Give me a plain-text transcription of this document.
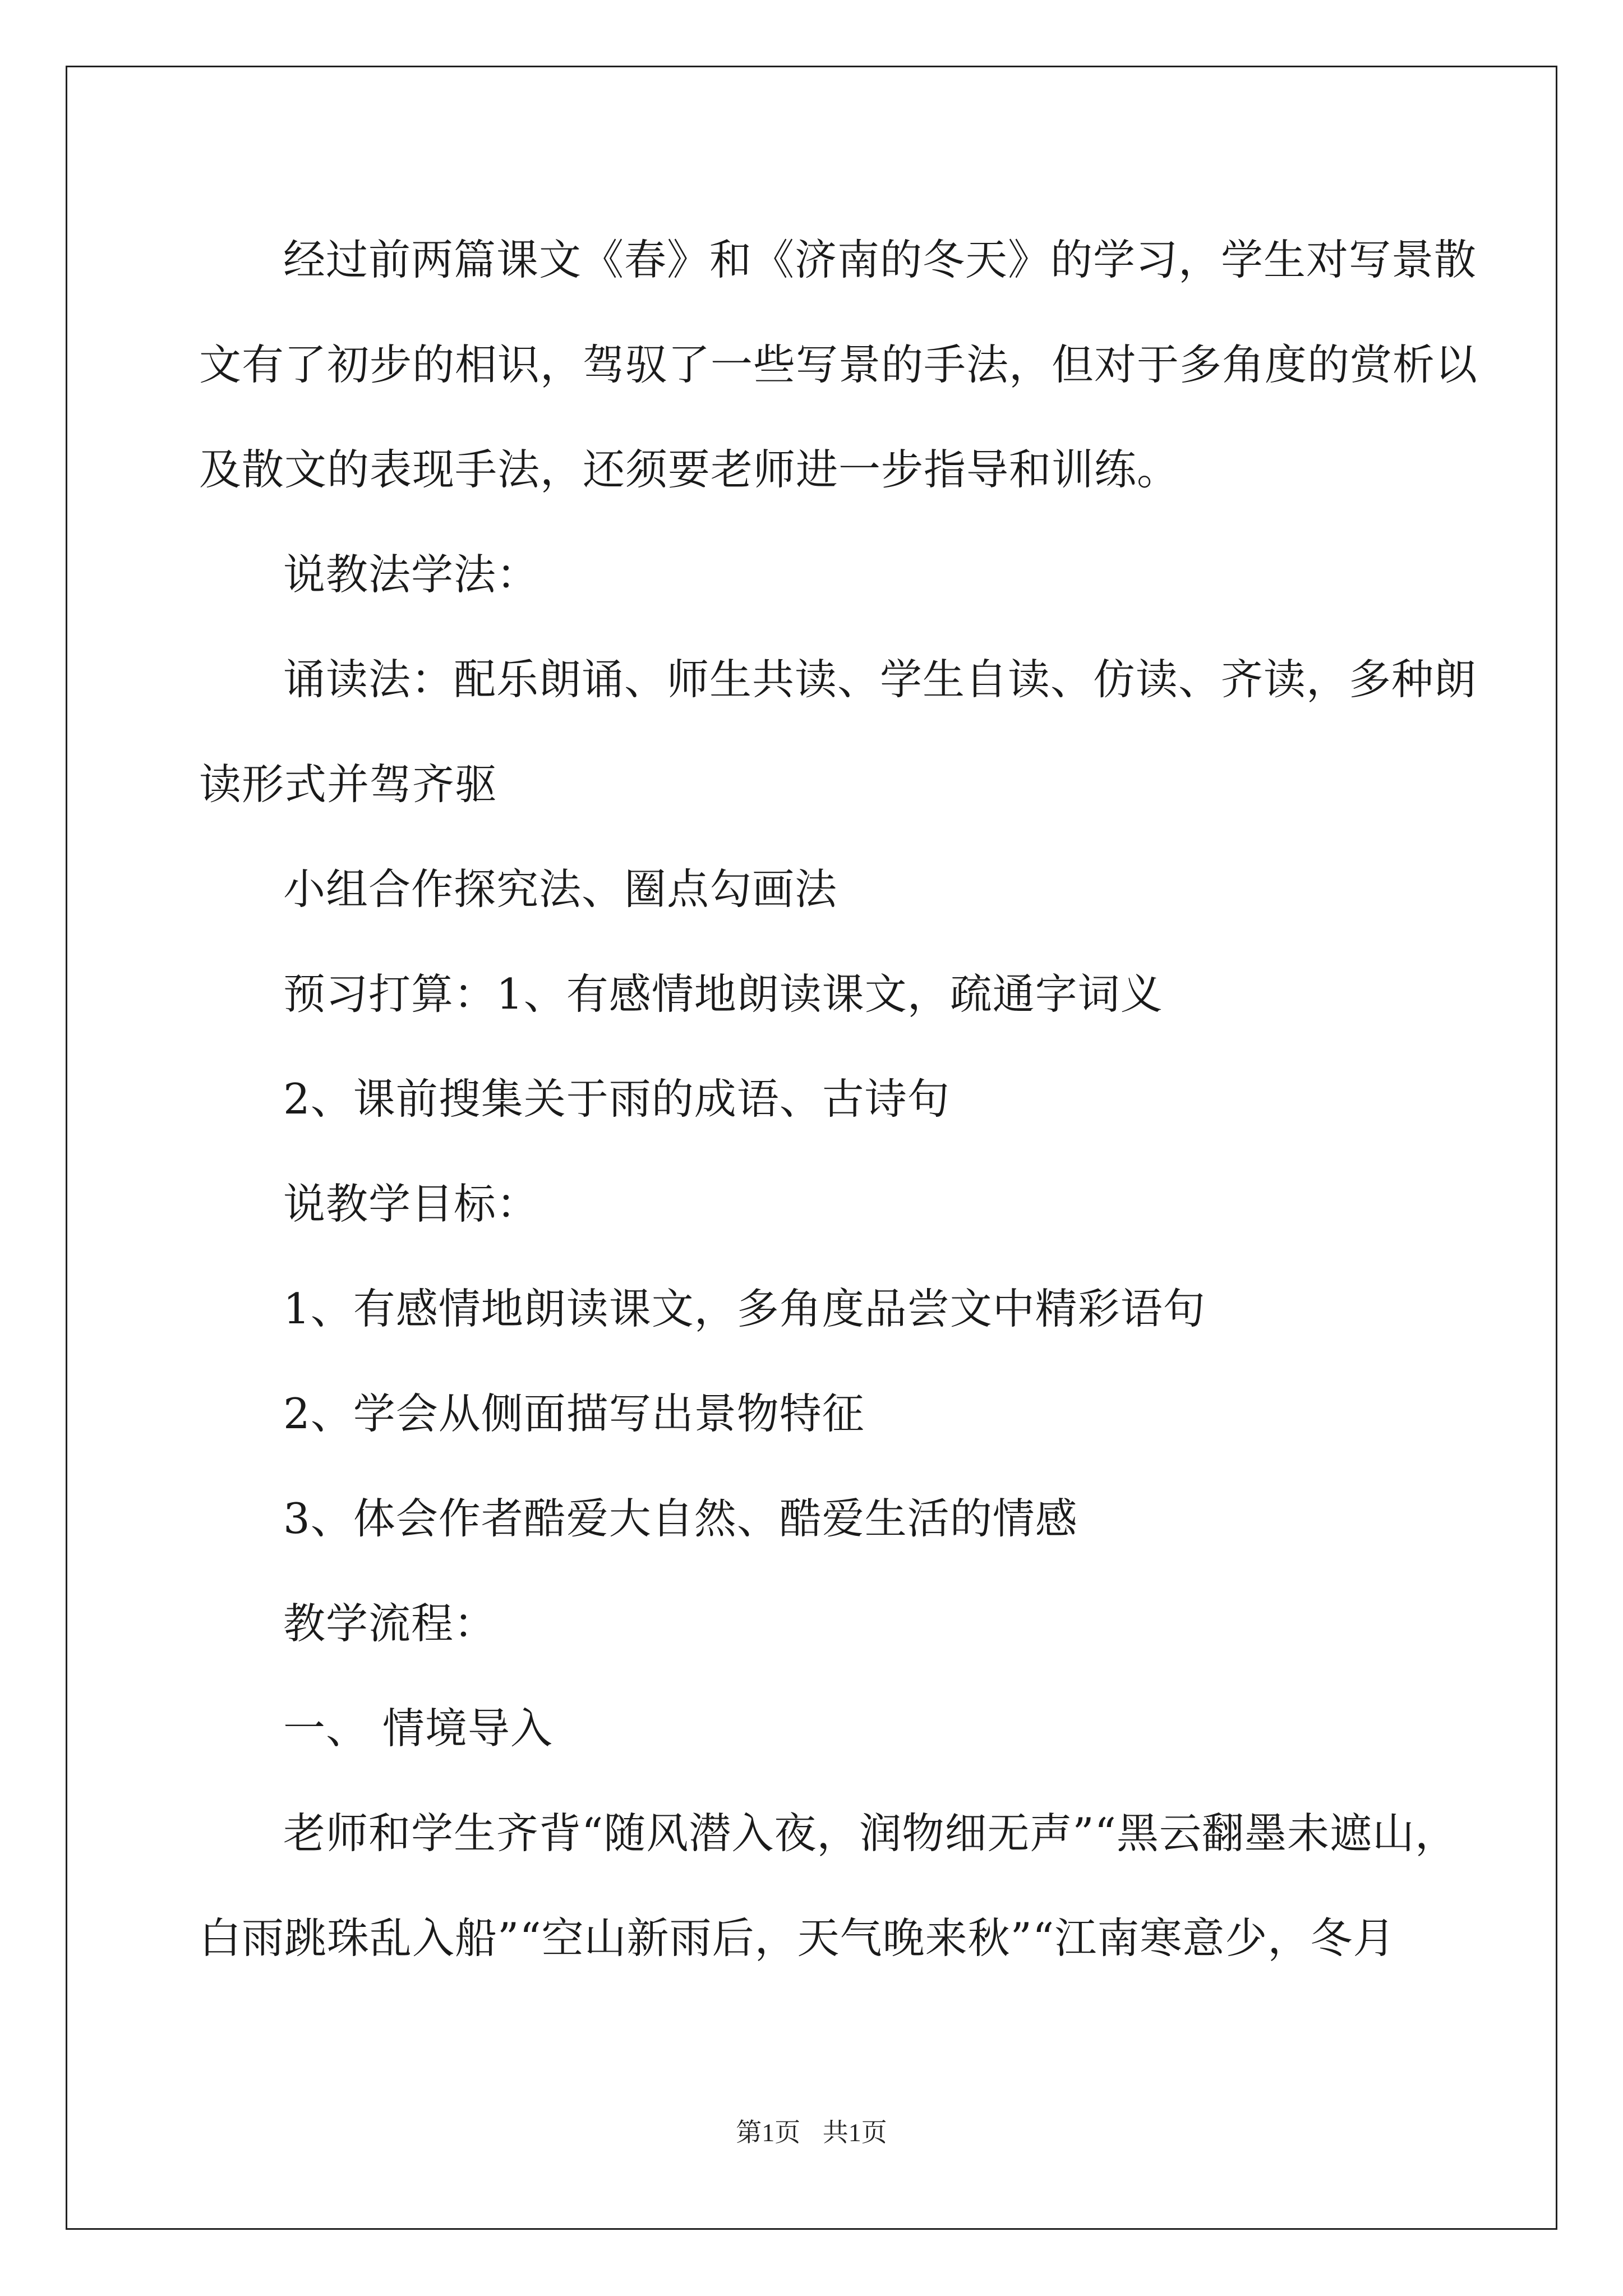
经过前两篇课文《春》和《济南的冬天》的学习，学生对写景散
文有了初步的相识，驾驭了一些写景的手法，但对于多角度的赏析以
及散文的表现手法，还须要老师进一步指导和训练。

说教法学法：

诵读法：配乐朗诵、师生共读、学生自读、仿读、齐读，多种朗
读形式并驾齐驱

小组合作探究法、圈点勾画法

预习打算：1、有感情地朗读课文，疏通字词义

2、课前搜集关于雨的成语、古诗句

说教学目标：

1、有感情地朗读课文，多角度品尝文中精彩语句

2、学会从侧面描写出景物特征

3、体会作者酷爱大自然、酷爱生活的情感

教学流程：

一、 情境导入

老师和学生齐背“随风潜入夜，润物细无声”“黑云翻墨未遮山，
白雨跳珠乱入船”“空山新雨后，天气晚来秋”“江南寒意少，冬月

第1页 共1页
